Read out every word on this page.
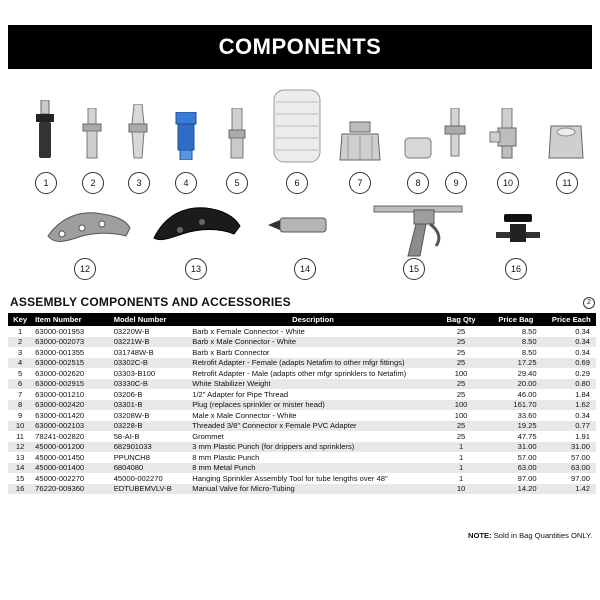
COMPONENTS
1	2	3	4	5	6	7	8	9	10	11
12	13	14	15	16
ASSEMBLY COMPONENTS AND ACCESSORIES	2
Key	Item Number	Model Number	Description	Bag Qty	Price Bag	Price Each
1	63000-001953	03220W-B	Barb x Female Connector - White	25	8.50	0.34
2	63000-002073	03221W-B	Barb x Male Connector - White	25	8.50	0.34
3	63000-001355	031748W-B	Barb x Barb Connector	25	8.50	0.34
4	63000-002515	03302C-B	Retrofit Adapter - Female (adapts Netafim to other mfgr fittings)	25	17.25	0.69
5	63000-002620	03303-B100	Retrofit Adapter - Male (adapts other mfgr sprinklers to Netafim)	100	29.40	0.29
6	63000-002915	03330C-B	White Stabilizer Weight	25	20.00	0.80
7	63000-001210	03206-B	1/2" Adapter for Pipe Thread	25	46.00	1.84
8	63000-002420	03301-B	Plug (replaces sprinkler or mister head)	100	161.70	1.62
9	63000-001420	03208W-B	Male x Male Connector - White	100	33.60	0.34
10	63000-002103	03228-B	Threaded 3/8" Connector x Female PVC Adapter	25	19.25	0.77
11	78241-002820	58-AI-B	Grommet	25	47.75	1.91
12	45000-001200	682901033	3 mm Plastic Punch (for drippers and sprinklers)	1	31.00	31.00
13	45000-001450	PPUNCH8	8 mm Plastic Punch	1	57.00	57.00
14	45000-001400	6804080	8 mm Metal Punch	1	63.00	63.00
15	45000-002270	45000-002270	Hanging Sprinkler Assembly Tool for tube lengths over 48"	1	97.00	97.00
16	76220-009360	EDTUBEMVLV-B	Manual Valve for Micro-Tubing	10	14.20	1.42
NOTE: Sold in Bag Quantities ONLY.
